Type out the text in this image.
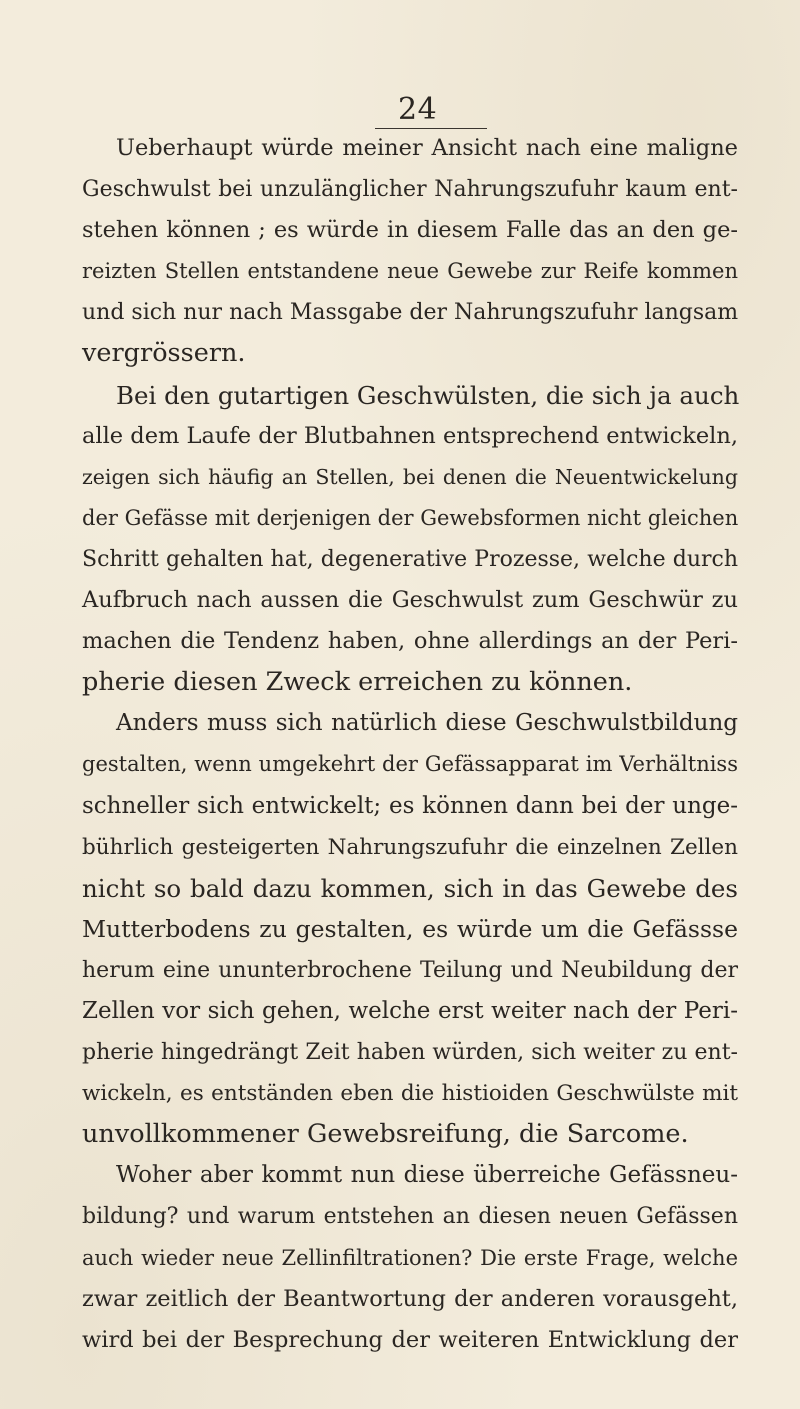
24
Ueberhaupt würde meiner Ansicht nach eine maligne
Geschwulst bei unzulänglicher Nahrungszufuhr kaum ent-
stehen können ; es würde in diesem Falle das an den ge-
reizten Stellen entstandene neue Gewebe zur Reife kommen
und sich nur nach Massgabe der Nahrungszufuhr langsam
vergrössern.
Bei den gutartigen Geschwülsten, die sich ja auch
alle dem Laufe der Blutbahnen entsprechend entwickeln,
zeigen sich häufig an Stellen, bei denen die Neuentwickelung
der Gefässe mit derjenigen der Gewebsformen nicht gleichen
Schritt gehalten hat, degenerative Prozesse, welche durch
Aufbruch nach aussen die Geschwulst zum Geschwür zu
machen die Tendenz haben, ohne allerdings an der Peri-
pherie diesen Zweck erreichen zu können.
Anders muss sich natürlich diese Geschwulstbildung
gestalten, wenn umgekehrt der Gefässapparat im Verhältniss
schneller sich entwickelt; es können dann bei der unge-
bührlich gesteigerten Nahrungszufuhr die einzelnen Zellen
nicht so bald dazu kommen, sich in das Gewebe des
Mutterbodens zu gestalten, es würde um die Gefässse
herum eine ununterbrochene Teilung und Neubildung der
Zellen vor sich gehen, welche erst weiter nach der Peri-
pherie hingedrängt Zeit haben würden, sich weiter zu ent-
wickeln, es entständen eben die histioiden Geschwülste mit
unvollkommener Gewebsreifung, die Sarcome.
Woher aber kommt nun diese überreiche Gefässneu-
bildung? und warum entstehen an diesen neuen Gefässen
auch wieder neue Zellinfiltrationen? Die erste Frage, welche
zwar zeitlich der Beantwortung der anderen vorausgeht,
wird bei der Besprechung der weiteren Entwicklung der
